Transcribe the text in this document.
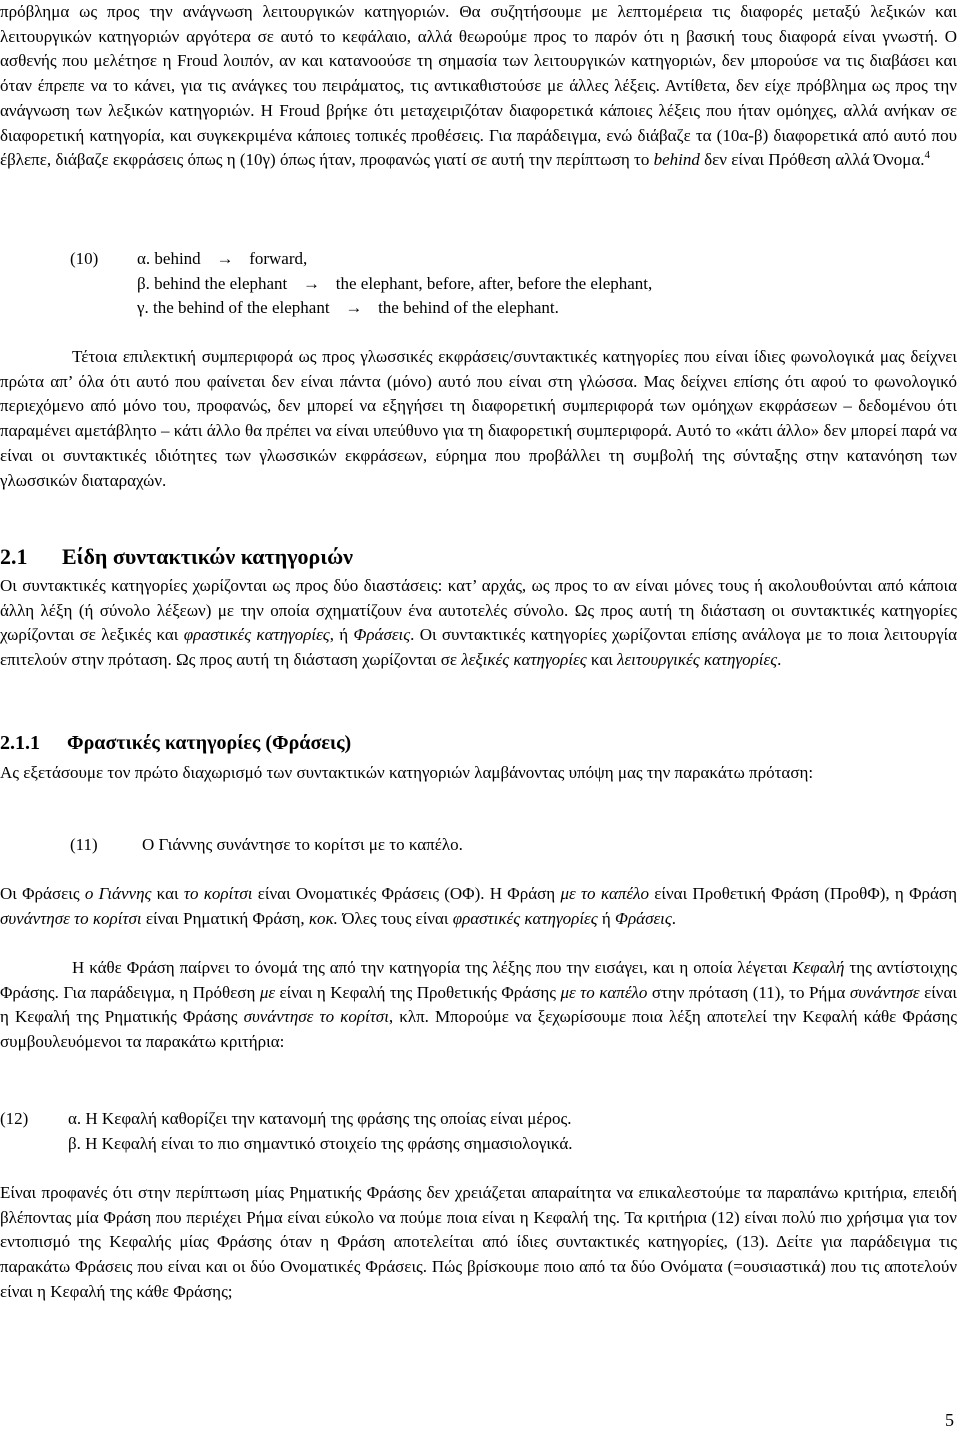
πρόβλημα ως προς την ανάγνωση λειτουργικών κατηγοριών. Θα συζητήσουμε με λεπτομέρεια τις διαφορές μεταξύ λεξικών και λειτουργικών κατηγοριών αργότερα σε αυτό το κεφάλαιο, αλλά θεωρούμε προς το παρόν ότι η βασική τους διαφορά είναι γνωστή. Ο ασθενής που μελέτησε η Froud λοιπόν, αν και κατανοούσε τη σημασία των λειτουργικών κατηγοριών, δεν μπορούσε να τις διαβάσει και όταν έπρεπε να το κάνει, για τις ανάγκες του πειράματος, τις αντικαθιστούσε με άλλες λέξεις. Αντίθετα, δεν είχε πρόβλημα ως προς την ανάγνωση των λεξικών κατηγοριών. Η Froud βρήκε ότι μεταχειριζόταν διαφορετικά κάποιες λέξεις που ήταν ομόηχες, αλλά ανήκαν σε διαφορετική κατηγορία, και συγκεκριμένα κάποιες τοπικές προθέσεις. Για παράδειγμα, ενώ διάβαζε τα (10α-β) διαφορετικά από αυτό που έβλεπε, διάβαζε εκφράσεις όπως η (10γ) όπως ήταν, προφανώς γιατί σε αυτή την περίπτωση το behind δεν είναι Πρόθεση αλλά Όνομα.$^4$

(10) α. behind → forward,
β. behind the elephant → the elephant, before, after, before the elephant,
γ. the behind of the elephant → the behind of the elephant.

Τέτοια επιλεκτική συμπεριφορά ως προς γλωσσικές εκφράσεις/συντακτικές κατηγορίες που είναι ίδιες φωνολογικά μας δείχνει πρώτα απ’ όλα ότι αυτό που φαίνεται δεν είναι πάντα (μόνο) αυτό που είναι στη γλώσσα. Μας δείχνει επίσης ότι αφού το φωνολογικό περιεχόμενο από μόνο του, προφανώς, δεν μπορεί να εξηγήσει τη διαφορετική συμπεριφορά των ομόηχων εκφράσεων – δεδομένου ότι παραμένει αμετάβλητο – κάτι άλλο θα πρέπει να είναι υπεύθυνο για τη διαφορετική συμπεριφορά. Αυτό το «κάτι άλλο» δεν μπορεί παρά να είναι οι συντακτικές ιδιότητες των γλωσσικών εκφράσεων, εύρημα που προβάλλει τη συμβολή της σύνταξης στην κατανόηση των γλωσσικών διαταραχών.

2.1 Είδη συντακτικών κατηγοριών

Οι συντακτικές κατηγορίες χωρίζονται ως προς δύο διαστάσεις: κατ’ αρχάς, ως προς το αν είναι μόνες τους ή ακολουθούνται από κάποια άλλη λέξη (ή σύνολο λέξεων) με την οποία σχηματίζουν ένα αυτοτελές σύνολο. Ως προς αυτή τη διάσταση οι συντακτικές κατηγορίες χωρίζονται σε λεξικές και φραστικές κατηγορίες, ή Φράσεις. Οι συντακτικές κατηγορίες χωρίζονται επίσης ανάλογα με το ποια λειτουργία επιτελούν στην πρόταση. Ως προς αυτή τη διάσταση χωρίζονται σε λεξικές κατηγορίες και λειτουργικές κατηγορίες.

2.1.1 Φραστικές κατηγορίες (Φράσεις)

Ας εξετάσουμε τον πρώτο διαχωρισμό των συντακτικών κατηγοριών λαμβάνοντας υπόψη μας την παρακάτω πρόταση:

(11)	Ο Γιάννης συνάντησε το κορίτσι με το καπέλο.

Οι Φράσεις ο Γιάννης και το κορίτσι είναι Ονοματικές Φράσεις (ΟΦ). Η Φράση με το καπέλο είναι Προθετική Φράση (ΠροθΦ), η Φράση συνάντησε το κορίτσι είναι Ρηματική Φράση, κοκ. Όλες τους είναι φραστικές κατηγορίες ή Φράσεις.

Η κάθε Φράση παίρνει το όνομά της από την κατηγορία της λέξης που την εισάγει, και η οποία λέγεται Κεφαλή της αντίστοιχης Φράσης. Για παράδειγμα, η Πρόθεση με είναι η Κεφαλή της Προθετικής Φράσης με το καπέλο στην πρόταση (11), το Ρήμα συνάντησε είναι η Κεφαλή της Ρηματικής Φράσης συνάντησε το κορίτσι, κλπ. Μπορούμε να ξεχωρίσουμε ποια λέξη αποτελεί την Κεφαλή κάθε Φράσης συμβουλευόμενοι τα παρακάτω κριτήρια:

(12) α. Η Κεφαλή καθορίζει την κατανομή της φράσης της οποίας είναι μέρος.
β. Η Κεφαλή είναι το πιο σημαντικό στοιχείο της φράσης σημασιολογικά.

Είναι προφανές ότι στην περίπτωση μίας Ρηματικής Φράσης δεν χρειάζεται απαραίτητα να επικαλεστούμε τα παραπάνω κριτήρια, επειδή βλέποντας μία Φράση που περιέχει Ρήμα είναι εύκολο να πούμε ποια είναι η Κεφαλή της. Τα κριτήρια (12) είναι πολύ πιο χρήσιμα για τον εντοπισμό της Κεφαλής μίας Φράσης όταν η Φράση αποτελείται από ίδιες συντακτικές κατηγορίες, (13). Δείτε για παράδειγμα τις παρακάτω Φράσεις που είναι και οι δύο Ονοματικές Φράσεις. Πώς βρίσκουμε ποιο από τα δύο Ονόματα (=ουσιαστικά) που τις αποτελούν είναι η Κεφαλή της κάθε Φράσης;

5
